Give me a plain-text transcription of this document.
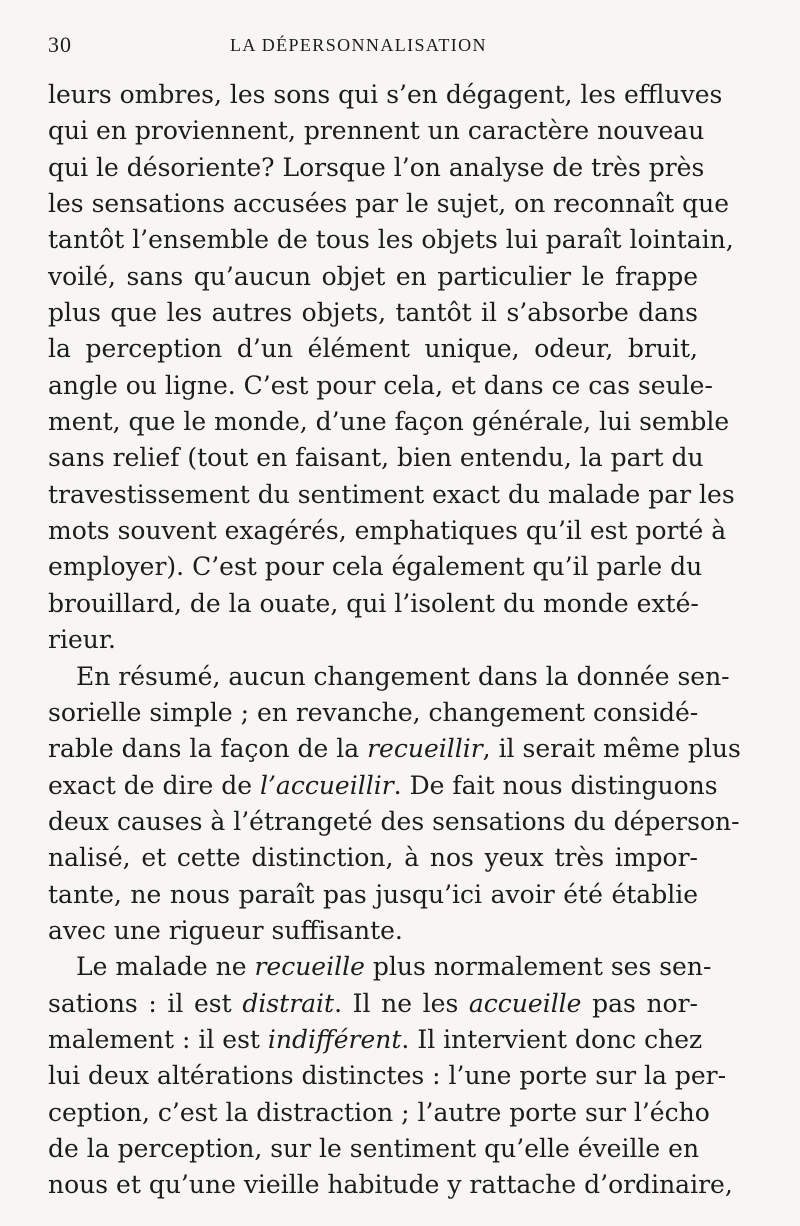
30	LA DÉPERSONNALISATION
leurs ombres, les sons qui s’en dégagent, les effluves
qui en proviennent, prennent un caractère nouveau
qui le désoriente? Lorsque l’on analyse de très près
les sensations accusées par le sujet, on reconnaît que
tantôt l’ensemble de tous les objets lui paraît lointain,
voilé, sans qu’aucun objet en particulier le frappe
plus que les autres objets, tantôt il s’absorbe dans
la perception d’un élément unique, odeur, bruit,
angle ou ligne. C’est pour cela, et dans ce cas seule-
ment, que le monde, d’une façon générale, lui semble
sans relief (tout en faisant, bien entendu, la part du
travestissement du sentiment exact du malade par les
mots souvent exagérés, emphatiques qu’il est porté à
employer). C’est pour cela également qu’il parle du
brouillard, de la ouate, qui l’isolent du monde exté-
rieur.
En résumé, aucun changement dans la donnée sen-
sorielle simple ; en revanche, changement considé-
rable dans la façon de la recueillir, il serait même plus
exact de dire de l’accueillir. De fait nous distinguons
deux causes à l’étrangeté des sensations du déperson-
nalisé, et cette distinction, à nos yeux très impor-
tante, ne nous paraît pas jusqu’ici avoir été établie
avec une rigueur suffisante.
Le malade ne recueille plus normalement ses sen-
sations : il est distrait. Il ne les accueille pas nor-
malement : il est indifférent. Il intervient donc chez
lui deux altérations distinctes : l’une porte sur la per-
ception, c’est la distraction ; l’autre porte sur l’écho
de la perception, sur le sentiment qu’elle éveille en
nous et qu’une vieille habitude y rattache d’ordinaire,
